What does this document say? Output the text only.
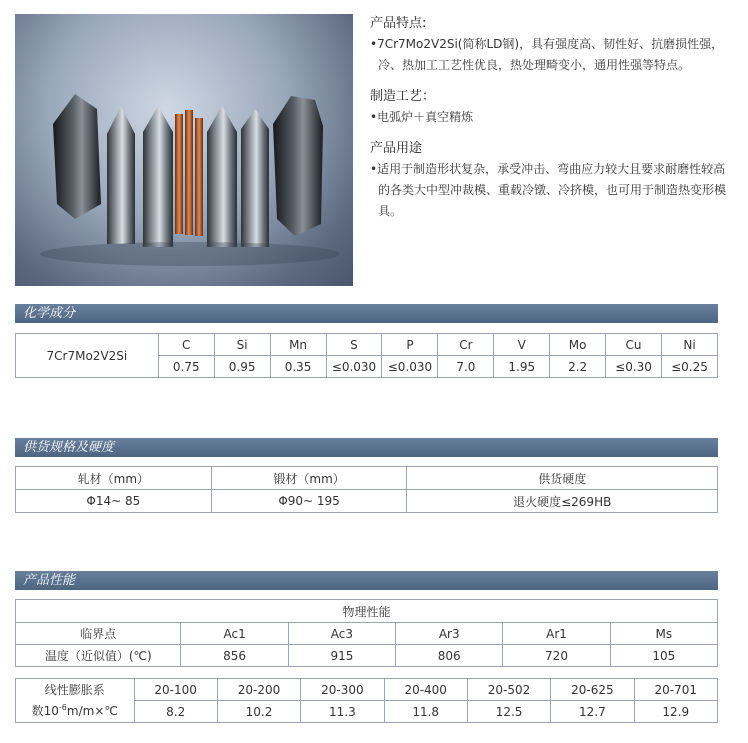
产品特点:

•7Cr7Mo2V2Si(简称LD钢)，具有强度高、韧性好、抗磨损性强，冷、热加工工艺性优良，热处理畸变小，通用性强等特点。

制造工艺：

•电弧炉＋真空精炼

产品用途

•适用于制造形状复杂，承受冲击、弯曲应力较大且要求耐磨性较高的各类大中型冲裁模、重载冷镦、冷挤模，也可用于制造热变形模具。

化学成分
7Cr7Mo2V2Si	C	Si	Mn	S	P	Cr	V	Mo	Cu	Ni
	0.75	0.95	0.35	≤0.030	≤0.030	7.0	1.95	2.2	≤0.30	≤0.25
供货规格及硬度
轧材（mm）	锻材（mm）	供货硬度
Φ14~ 85	Φ90~ 195	退火硬度≤269HB
产品性能
物理性能					
临界点	Ac1	Ac3	Ar3	Ar1	Ms
温度（近似值）(℃)	856	915	806	720	105
线性膨胀系
数$10^{-6}m/m\times℃$	20-100	20-200	20-300	20-400	20-502	20-625	20-701
	8.2	10.2	11.3	11.8	12.5	12.7	12.9
